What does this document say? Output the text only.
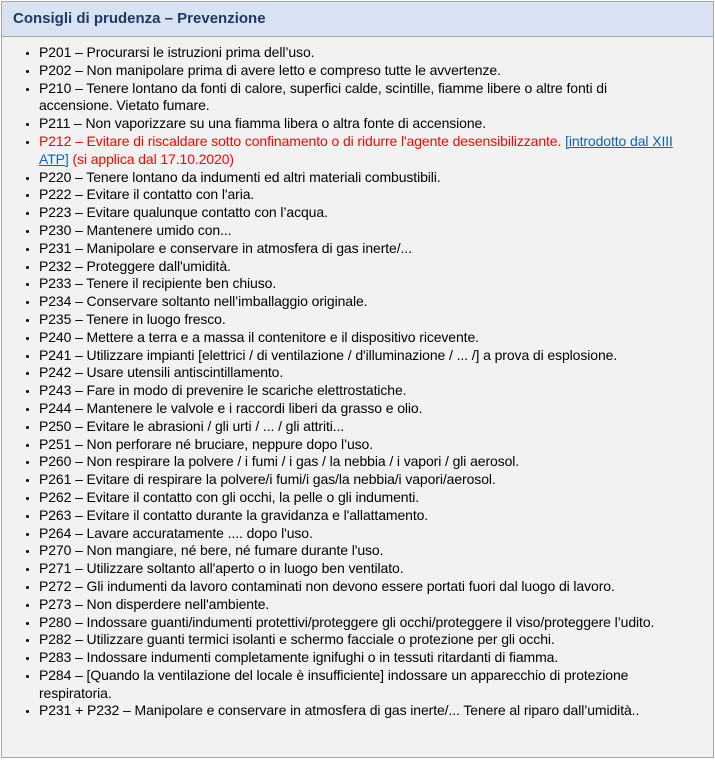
Consigli di prudenza – Prevenzione
• P201 – Procurarsi le istruzioni prima dell’uso.
• P202 – Non manipolare prima di avere letto e compreso tutte le avvertenze.
• P210 – Tenere lontano da fonti di calore, superfici calde, scintille, fiamme libere o altre fonti di accensione. Vietato fumare.
• P211 – Non vaporizzare su una fiamma libera o altra fonte di accensione.
• P212 – Evitare di riscaldare sotto confinamento o di ridurre l'agente desensibilizzante. [introdotto dal XIII ATP] (si applica dal 17.10.2020)
• P220 – Tenere lontano da indumenti ed altri materiali combustibili.
• P222 – Evitare il contatto con l'aria.
• P223 – Evitare qualunque contatto con l’acqua.
• P230 – Mantenere umido con...
• P231 – Manipolare e conservare in atmosfera di gas inerte/...
• P232 – Proteggere dall'umidità.
• P233 – Tenere il recipiente ben chiuso.
• P234 – Conservare soltanto nell’imballaggio originale.
• P235 – Tenere in luogo fresco.
• P240 – Mettere a terra e a massa il contenitore e il dispositivo ricevente.
• P241 – Utilizzare impianti [elettrici / di ventilazione / d'illuminazione / ... /] a prova di esplosione.
• P242 – Usare utensili antiscintillamento.
• P243 – Fare in modo di prevenire le scariche elettrostatiche.
• P244 – Mantenere le valvole e i raccordi liberi da grasso e olio.
• P250 – Evitare le abrasioni / gli urti / ... / gli attriti...
• P251 – Non perforare né bruciare, neppure dopo l’uso.
• P260 – Non respirare la polvere / i fumi / i gas / la nebbia / i vapori / gli aerosol.
• P261 – Evitare di respirare la polvere/i fumi/i gas/la nebbia/i vapori/aerosol.
• P262 – Evitare il contatto con gli occhi, la pelle o gli indumenti.
• P263 – Evitare il contatto durante la gravidanza e l'allattamento.
• P264 – Lavare accuratamente .... dopo l'uso.
• P270 – Non mangiare, né bere, né fumare durante l'uso.
• P271 – Utilizzare soltanto all'aperto o in luogo ben ventilato.
• P272 – Gli indumenti da lavoro contaminati non devono essere portati fuori dal luogo di lavoro.
• P273 – Non disperdere nell'ambiente.
• P280 – Indossare guanti/indumenti protettivi/proteggere gli occhi/proteggere il viso/proteggere l’udito.
• P282 – Utilizzare guanti termici isolanti e schermo facciale o protezione per gli occhi.
• P283 – Indossare indumenti completamente ignifughi o in tessuti ritardanti di fiamma.
• P284 – [Quando la ventilazione del locale è insufficiente] indossare un apparecchio di protezione respiratoria.
• P231 + P232 – Manipolare e conservare in atmosfera di gas inerte/... Tenere al riparo dall’umidità..
